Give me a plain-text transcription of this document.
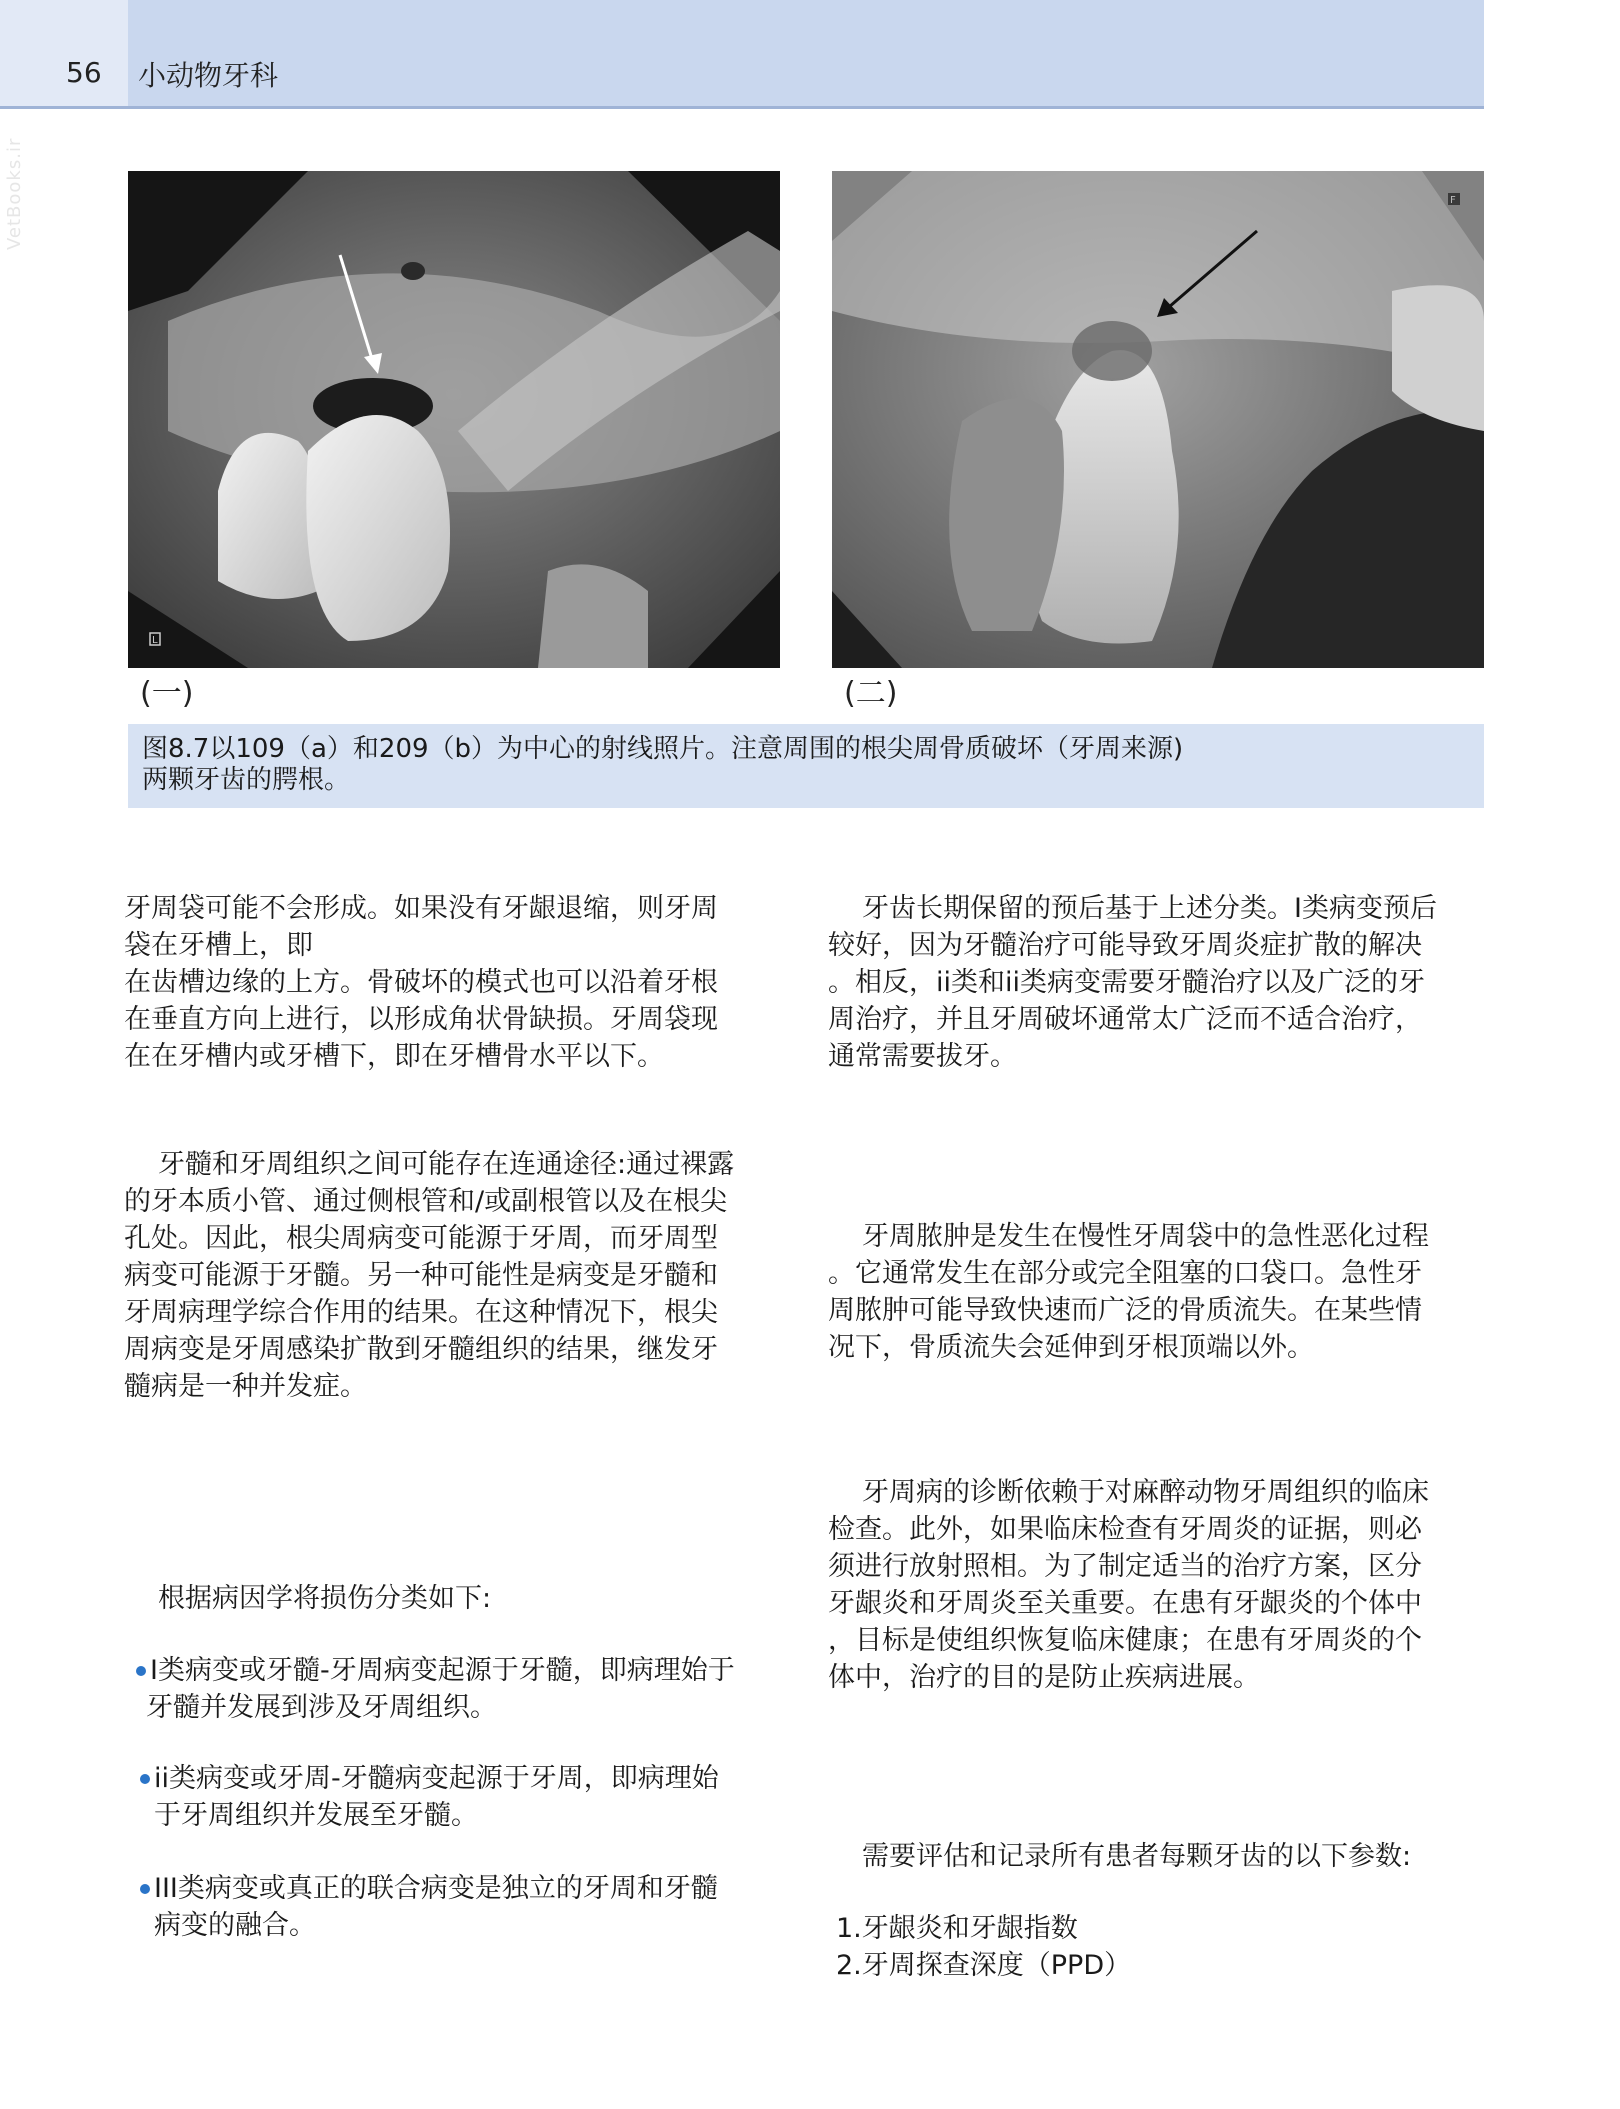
56 小动物牙科
VetBooks.ir
L
F
(一)	(二)
图8.7以109（a）和209（b）为中心的射线照片。注意周围的根尖周骨质破坏（牙周来源)
两颗牙齿的腭根。
牙周袋可能不会形成。如果没有牙龈退缩，则牙周
袋在牙槽上，即
在齿槽边缘的上方。骨破坏的模式也可以沿着牙根
在垂直方向上进行，以形成角状骨缺损。牙周袋现
在在牙槽内或牙槽下，即在牙槽骨水平以下。
牙髓和牙周组织之间可能存在连通途径:通过裸露
的牙本质小管、通过侧根管和/或副根管以及在根尖
孔处。因此，根尖周病变可能源于牙周，而牙周型
病变可能源于牙髓。另一种可能性是病变是牙髓和
牙周病理学综合作用的结果。在这种情况下，根尖
周病变是牙周感染扩散到牙髓组织的结果，继发牙
髓病是一种并发症。
根据病因学将损伤分类如下:
I类病变或牙髓-牙周病变起源于牙髓，即病理始于
牙髓并发展到涉及牙周组织。
ii类病变或牙周-牙髓病变起源于牙周，即病理始
于牙周组织并发展至牙髓。
III类病变或真正的联合病变是独立的牙周和牙髓
病变的融合。
牙齿长期保留的预后基于上述分类。I类病变预后
较好，因为牙髓治疗可能导致牙周炎症扩散的解决
。相反，ii类和ii类病变需要牙髓治疗以及广泛的牙
周治疗，并且牙周破坏通常太广泛而不适合治疗，
通常需要拔牙。
牙周脓肿是发生在慢性牙周袋中的急性恶化过程
。它通常发生在部分或完全阻塞的口袋口。急性牙
周脓肿可能导致快速而广泛的骨质流失。在某些情
况下，骨质流失会延伸到牙根顶端以外。
牙周病的诊断依赖于对麻醉动物牙周组织的临床
检查。此外，如果临床检查有牙周炎的证据，则必
须进行放射照相。为了制定适当的治疗方案，区分
牙龈炎和牙周炎至关重要。在患有牙龈炎的个体中
，目标是使组织恢复临床健康；在患有牙周炎的个
体中，治疗的目的是防止疾病进展。
需要评估和记录所有患者每颗牙齿的以下参数:
1.牙龈炎和牙龈指数
2.牙周探查深度（PPD）
